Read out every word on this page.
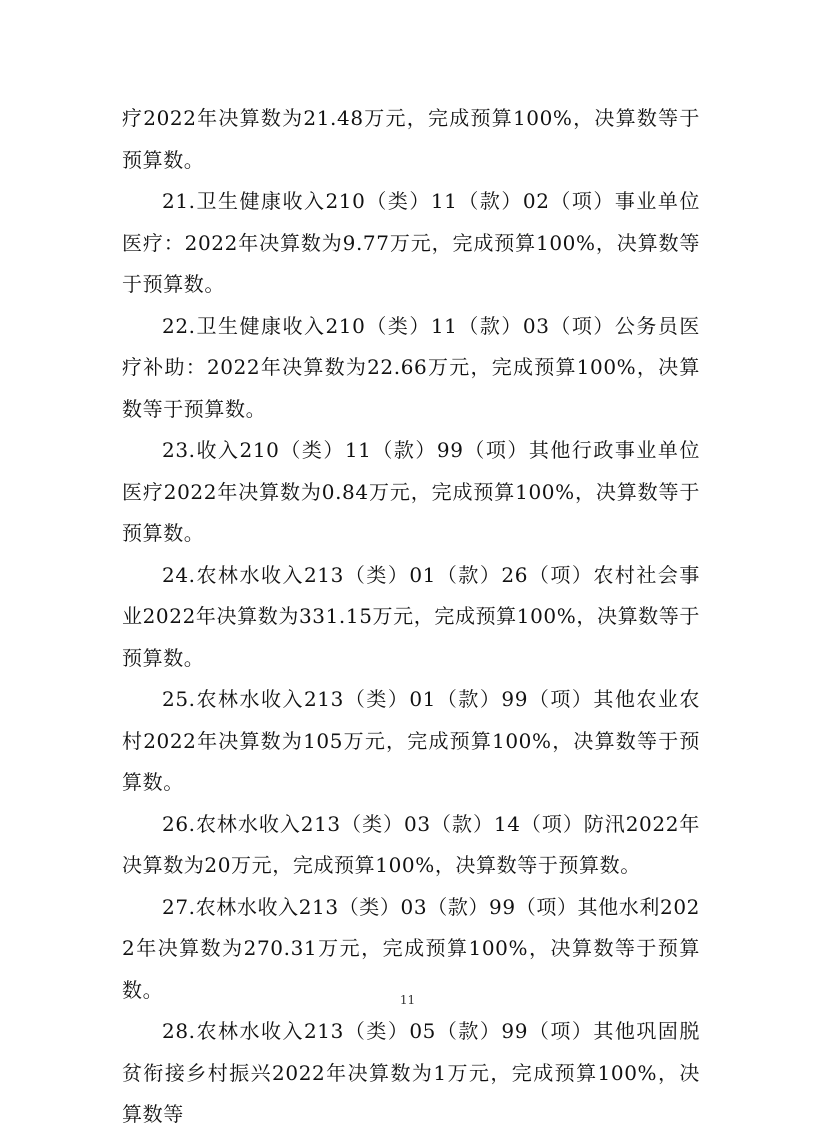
疗2022年决算数为21.48万元，完成预算100%，决算数等于预算数。

21.卫生健康收入210（类）11（款）02（项）事业单位医疗：2022年决算数为9.77万元，完成预算100%，决算数等于预算数。

22.卫生健康收入210（类）11（款）03（项）公务员医疗补助：2022年决算数为22.66万元，完成预算100%，决算数等于预算数。

23.收入210（类）11（款）99（项）其他行政事业单位医疗2022年决算数为0.84万元，完成预算100%，决算数等于预算数。

24.农林水收入213（类）01（款）26（项）农村社会事业2022年决算数为331.15万元，完成预算100%，决算数等于预算数。

25.农林水收入213（类）01（款）99（项）其他农业农村2022年决算数为105万元，完成预算100%，决算数等于预算数。

26.农林水收入213（类）03（款）14（项）防汛2022年决算数为20万元，完成预算100%，决算数等于预算数。

27.农林水收入213（类）03（款）99（项）其他水利2022年决算数为270.31万元，完成预算100%，决算数等于预算数。

28.农林水收入213（类）05（款）99（项）其他巩固脱贫衔接乡村振兴2022年决算数为1万元，完成预算100%，决算数等

11
